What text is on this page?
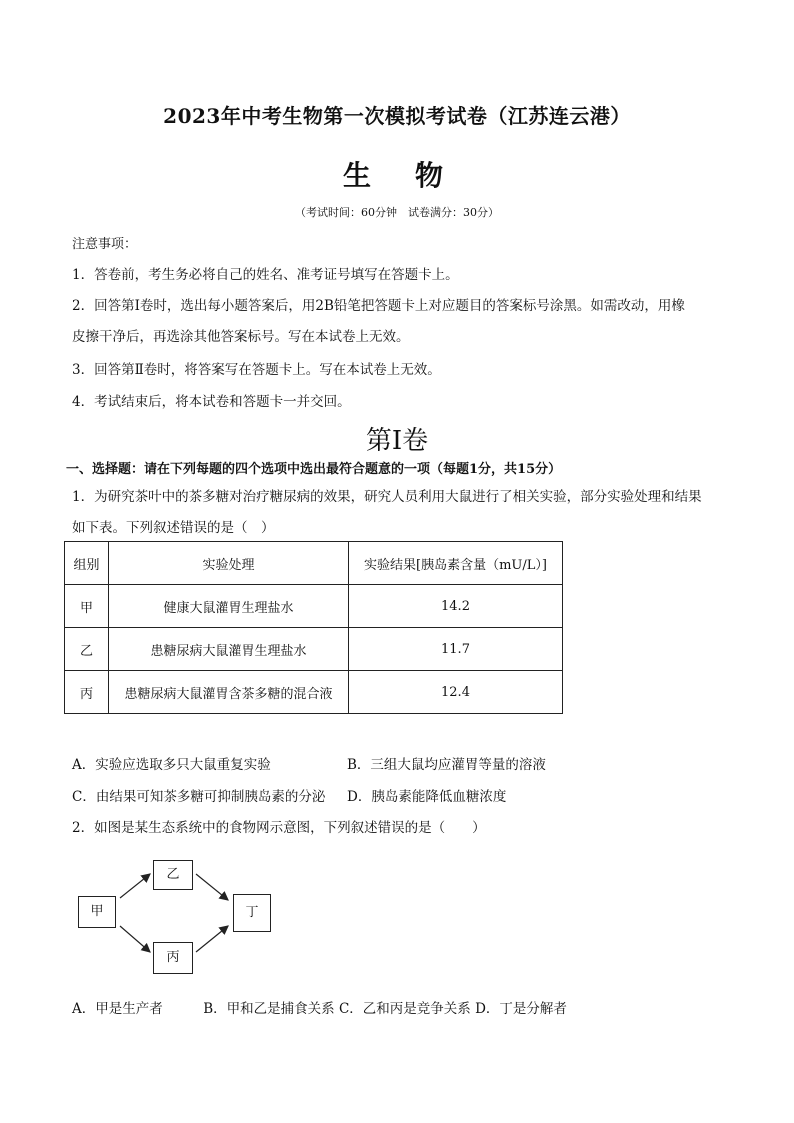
2023年中考生物第一次模拟考试卷（江苏连云港）
生　物
（考试时间：60分钟　试卷满分：30分）
注意事项：
1．答卷前，考生务必将自己的姓名、准考证号填写在答题卡上。
2．回答第Ⅰ卷时，选出每小题答案后，用2B铅笔把答题卡上对应题目的答案标号涂黑。如需改动，用橡
皮擦干净后，再选涂其他答案标号。写在本试卷上无效。
3．回答第Ⅱ卷时，将答案写在答题卡上。写在本试卷上无效。
4．考试结束后，将本试卷和答题卡一并交回。
第Ⅰ卷
一、选择题：请在下列每题的四个选项中选出最符合题意的一项（每题1分，共15分）
1．为研究茶叶中的茶多糖对治疗糖尿病的效果，研究人员利用大鼠进行了相关实验，部分实验处理和结果
如下表。下列叙述错误的是（　）
组别	实验处理	实验结果[胰岛素含量（mU/L）]
甲	健康大鼠灌胃生理盐水	14.2
乙	患糖尿病大鼠灌胃生理盐水	11.7
丙	患糖尿病大鼠灌胃含茶多糖的混合液	12.4
A．实验应选取多只大鼠重复实验	B．三组大鼠均应灌胃等量的溶液
C．由结果可知茶多糖可抑制胰岛素的分泌 D．胰岛素能降低血糖浓度
2．如图是某生态系统中的食物网示意图，下列叙述错误的是（　　）
甲
乙
丙
丁
A．甲是生产者　　　B．甲和乙是捕食关系 C．乙和丙是竞争关系 D．丁是分解者
